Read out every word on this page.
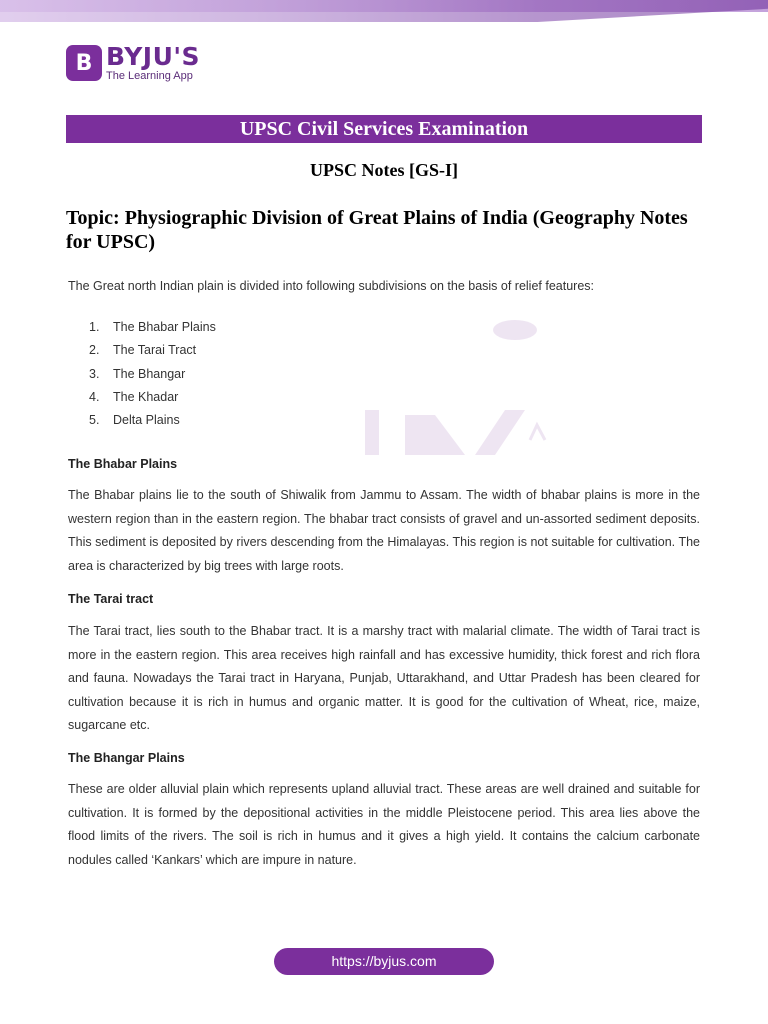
B BYJU'S
The Learning App
UPSC Civil Services Examination
UPSC Notes [GS-I]
Topic: Physiographic Division of Great Plains of India (Geography Notes for UPSC)
The Great north Indian plain is divided into following subdivisions on the basis of relief features:
1.	The Bhabar Plains
2.	The Tarai Tract
3.	The Bhangar
4.	The Khadar
5.	Delta Plains
The Bhabar Plains
The Bhabar plains lie to the south of Shiwalik from Jammu to Assam. The width of bhabar plains is more in the western region than in the eastern region. The bhabar tract consists of gravel and un-assorted sediment deposits. This sediment is deposited by rivers descending from the Himalayas. This region is not suitable for cultivation. The area is characterized by big trees with large roots.
The Tarai tract
The Tarai tract, lies south to the Bhabar tract. It is a marshy tract with malarial climate. The width of Tarai tract is more in the eastern region. This area receives high rainfall and has excessive humidity, thick forest and rich flora and fauna. Nowadays the Tarai tract in Haryana, Punjab, Uttarakhand, and Uttar Pradesh has been cleared for cultivation because it is rich in humus and organic matter. It is good for the cultivation of Wheat, rice, maize, sugarcane etc.
The Bhangar Plains
These are older alluvial plain which represents upland alluvial tract. These areas are well drained and suitable for cultivation. It is formed by the depositional activities in the middle Pleistocene period. This area lies above the flood limits of the rivers. The soil is rich in humus and it gives a high yield. It contains the calcium carbonate nodules called ‘Kankars’ which are impure in nature.
https://byjus.com
